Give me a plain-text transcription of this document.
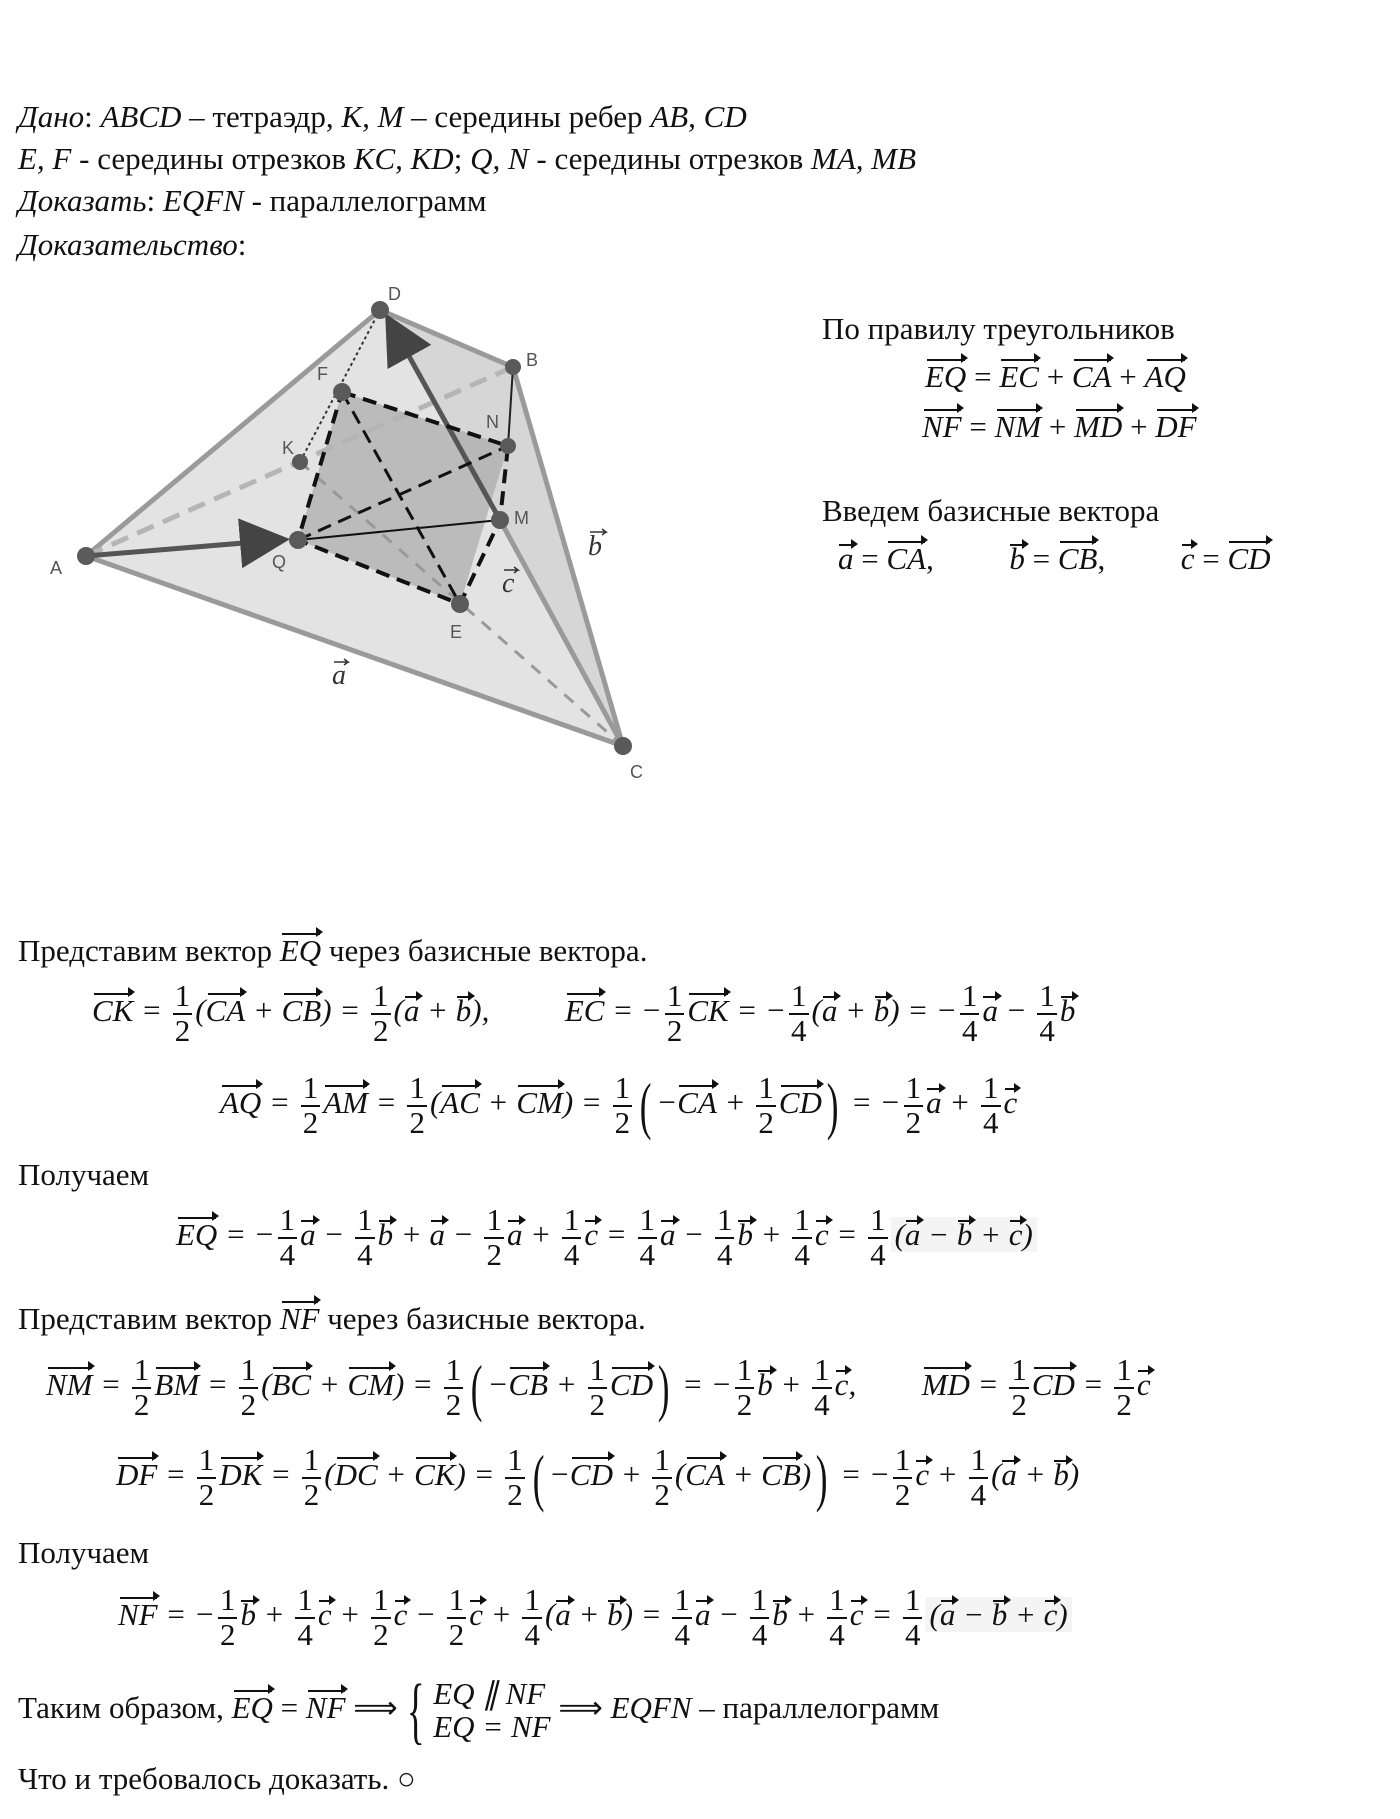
Дано: ABCD – тетраэдр, K, M – середины ребер AB, CD
E, F - середины отрезков KC, KD; Q, N - середины отрезков MA, MB
Доказать: EQFN - параллелограмм
Доказательство:
D
B
F
N
K
M
A	Q
E
C
b
c
a
По правилу треугольников
EQ = EC + CA + AQ
NF = NM + MD + DF
Введем базисные вектора
a = CA,  b = CB,  c = CD
Представим вектор EQ через базисные вектора.
CK = $\frac{1}{2} (CA + CB) = \frac{1}{2} (a + b)$,  EC = − $\frac{1}{2}$ CK = − $\frac{1}{4} (a + b)$ = − $\frac{1}{4}$ $a - \frac{1}{4}$ b
AQ = $\frac{1}{2}$ AM = $\frac{1}{2} (AC + CM) = \frac{1}{2}$ ( $-CA + \frac{1}{2} CD$) = − $\frac{1}{2}$ $a + \frac{1}{4}$ c
Получаем
EQ = − $\frac{1}{4}$ $a - \frac{1}{4}$ $b + a - \frac{1}{2}$ $a + \frac{1}{4}$ $c = \frac{1}{4}$ $a - \frac{1}{4}$ $b + \frac{1}{4}$ $c = \frac{1}{4} (a - b + c)$
Представим вектор NF через базисные вектора.
NM = $\frac{1}{2}$ BM = $\frac{1}{2} (BC + CM) = \frac{1}{2}$ ( $-CB + \frac{1}{2} CD$) = − $\frac{1}{2}$ $b + \frac{1}{4} c$,  MD = $\frac{1}{2}$ CD = $\frac{1}{2}$ c
DF = $\frac{1}{2}$ DK = $\frac{1}{2} (DC + CK) = \frac{1}{2}$ ( $-CD + \frac{1}{2} (CA + CB)$) = − $\frac{1}{2}$ $c + \frac{1}{4} (a + b)$
Получаем
NF = − $\frac{1}{2}$ $b + \frac{1}{4}$ $c + \frac{1}{2}$ $c - \frac{1}{2}$ $c + \frac{1}{4} (a + b) = \frac{1}{4}$ $a - \frac{1}{4}$ $b + \frac{1}{4}$ $c = \frac{1}{4} (a - b + c)$
Таким образом, EQ = NF ⟹ { EQ ∥ NF
EQ = NF
⟹ EQFN – параллелограмм
Что и требовалось доказать. ○
